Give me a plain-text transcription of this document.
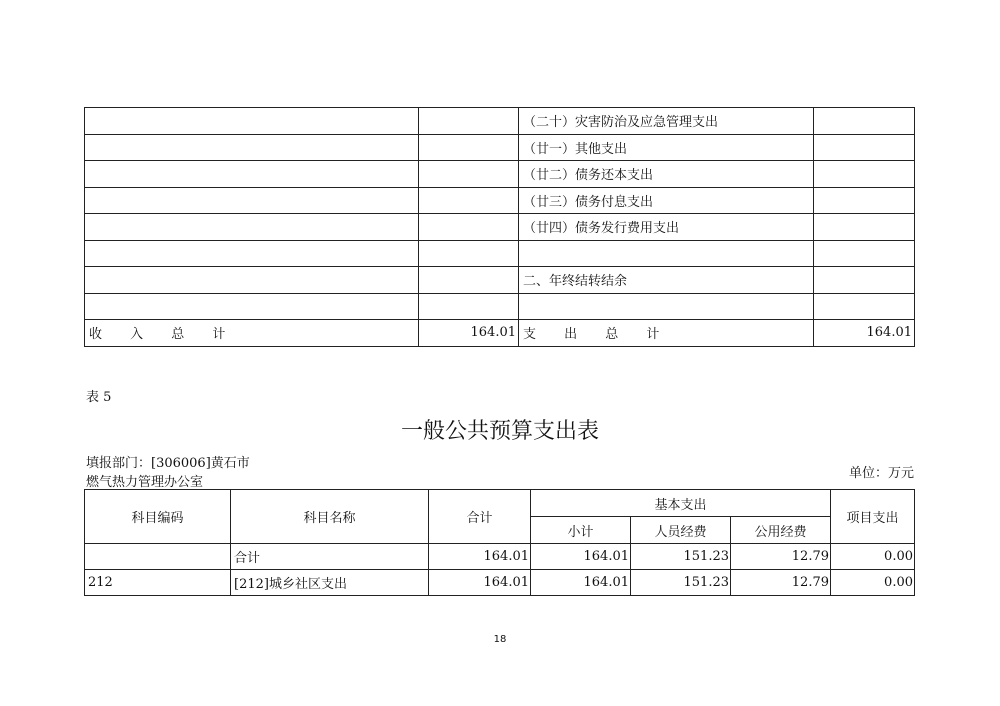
		（二十）灾害防治及应急管理支出	
		（廿一）其他支出	
		（廿二）债务还本支出	
		（廿三）债务付息支出	
		（廿四）债务发行费用支出	

		二、年终结转结余	

收 入 总 计	164.01	支 出 总 计	164.01
表 5
一般公共预算支出表
填报部门：[306006]黄石市燃气热力管理办公室
单位：万元
科目编码	科目名称	合计	基本支出			项目支出
			小计	人员经费	公用经费	
	合计	164.01	164.01	151.23	12.79	0.00
212	[212]城乡社区支出	164.01	164.01	151.23	12.79	0.00
18
